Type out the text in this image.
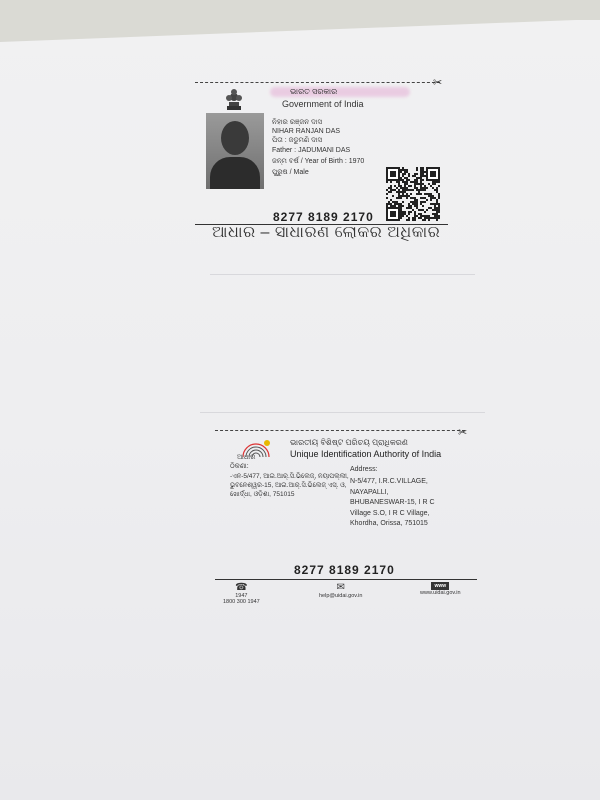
✂
ଭାରତ ସରକାର
Government of India
ନିହାର ରଞ୍ଜନ ଦାସ
NIHAR RANJAN DAS
ପିତା : ଜଡୁମଣି ଦାସ
Father : JADUMANI DAS
ଜନ୍ମ ବର୍ଷ / Year of Birth : 1970
ପୁରୁଷ / Male
8277 8189 2170
ଆଧାର – ସାଧାରଣ ଲୋକର ଅଧିକାର
✂
ଆଧାର
ଭାରତୀୟ ବିଶିଷ୍ଟ ପରିଚୟ ପ୍ରାଧିକରଣ
Unique Identification Authority of India
ଠିକଣା:
-ଏନ-5/477, ଆଇ.ଆର୍.ସି.ଭିଲେଜ୍, ନୟାପଲ୍ଲୀ, ଭୁବନେଶ୍ୱର-15, ଆଇ.ଆର୍.ସି.ଭିଲେଜ୍ ଏସ୍. ଓ, ଖୋର୍ଦ୍ଧା, ଓଡ଼ିଶା, 751015
Address:
N-5/477, I.R.C.VILLAGE,
NAYAPALLI,
BHUBANESWAR-15, I R C
Village S.O, I R C Village,
Khordha, Orissa, 751015
8277 8189 2170
☎
1947
1800 300 1947
✉
help@uidai.gov.in
www
www.uidai.gov.in
